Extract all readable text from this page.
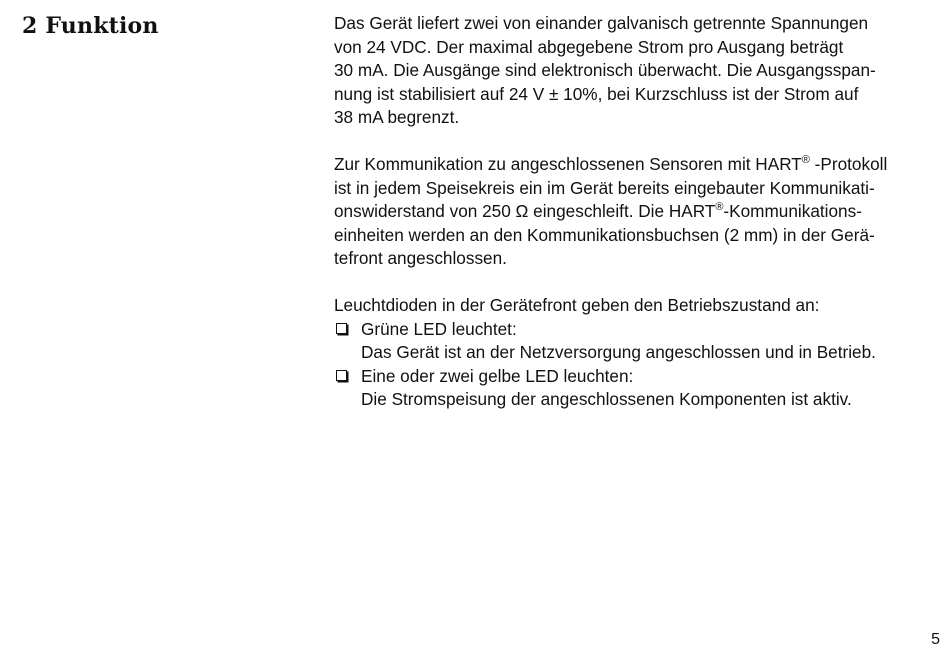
2 Funktion	Das Gerät liefert zwei von einander galvanisch getrennte Spannungen
von 24 VDC. Der maximal abgegebene Strom pro Ausgang beträgt
30 mA. Die Ausgänge sind elektronisch überwacht. Die Ausgangsspan-
nung ist stabilisiert auf 24 V ± 10%, bei Kurzschluss ist der Strom auf
38 mA begrenzt.

Zur Kommunikation zu angeschlossenen Sensoren mit HART® -Protokoll
ist in jedem Speisekreis ein im Gerät bereits eingebauter Kommunikati-
onswiderstand von 250 Ω eingeschleift. Die HART®-Kommunikations-
einheiten werden an den Kommunikationsbuchsen (2 mm) in der Gerä-
tefront angeschlossen.

Leuchtdioden in der Gerätefront geben den Betriebszustand an:
Grüne LED leuchtet:
Das Gerät ist an der Netzversorgung angeschlossen und in Betrieb.
Eine oder zwei gelbe LED leuchten:
Die Stromspeisung der angeschlossenen Komponenten ist aktiv.
5
